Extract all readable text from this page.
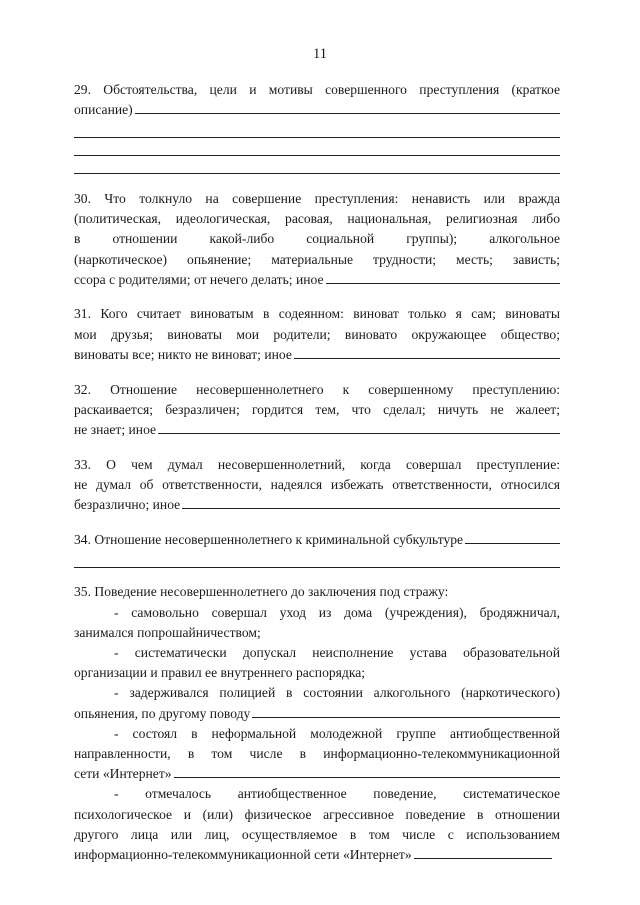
11
29. Обстоятельства, цели и мотивы совершенного преступления (краткое
описание)
30. Что толкнуло на совершение преступления: ненависть или вражда
(политическая, идеологическая, расовая, национальная, религиозная либо
в отношении какой-либо социальной группы); алкогольное
(наркотическое) опьянение; материальные трудности; месть; зависть;
ссора с родителями; от нечего делать; иное
31. Кого считает виноватым в содеянном: виноват только я сам; виноваты
мои друзья; виноваты мои родители; виновато окружающее общество;
виноваты все; никто не виноват; иное
32. Отношение несовершеннолетнего к совершенному преступлению:
раскаивается; безразличен; гордится тем, что сделал; ничуть не жалеет;
не знает; иное
33. О чем думал несовершеннолетний, когда совершал преступление:
не думал об ответственности, надеялся избежать ответственности, относился
безразлично; иное
34. Отношение несовершеннолетнего к криминальной субкультуре
35. Поведение несовершеннолетнего до заключения под стражу:
- самовольно совершал уход из дома (учреждения), бродяжничал,
занимался попрошайничеством;
- систематически допускал неисполнение устава образовательной
организации и правил ее внутреннего распорядка;
- задерживался полицией в состоянии алкогольного (наркотического)
опьянения, по другому поводу
- состоял в неформальной молодежной группе антиобщественной
направленности, в том числе в информационно-телекоммуникационной
сети «Интернет»
- отмечалось антиобщественное поведение, систематическое
психологическое и (или) физическое агрессивное поведение в отношении
другого лица или лиц, осуществляемое в том числе с использованием
информационно-телекоммуникационной сети «Интернет»
